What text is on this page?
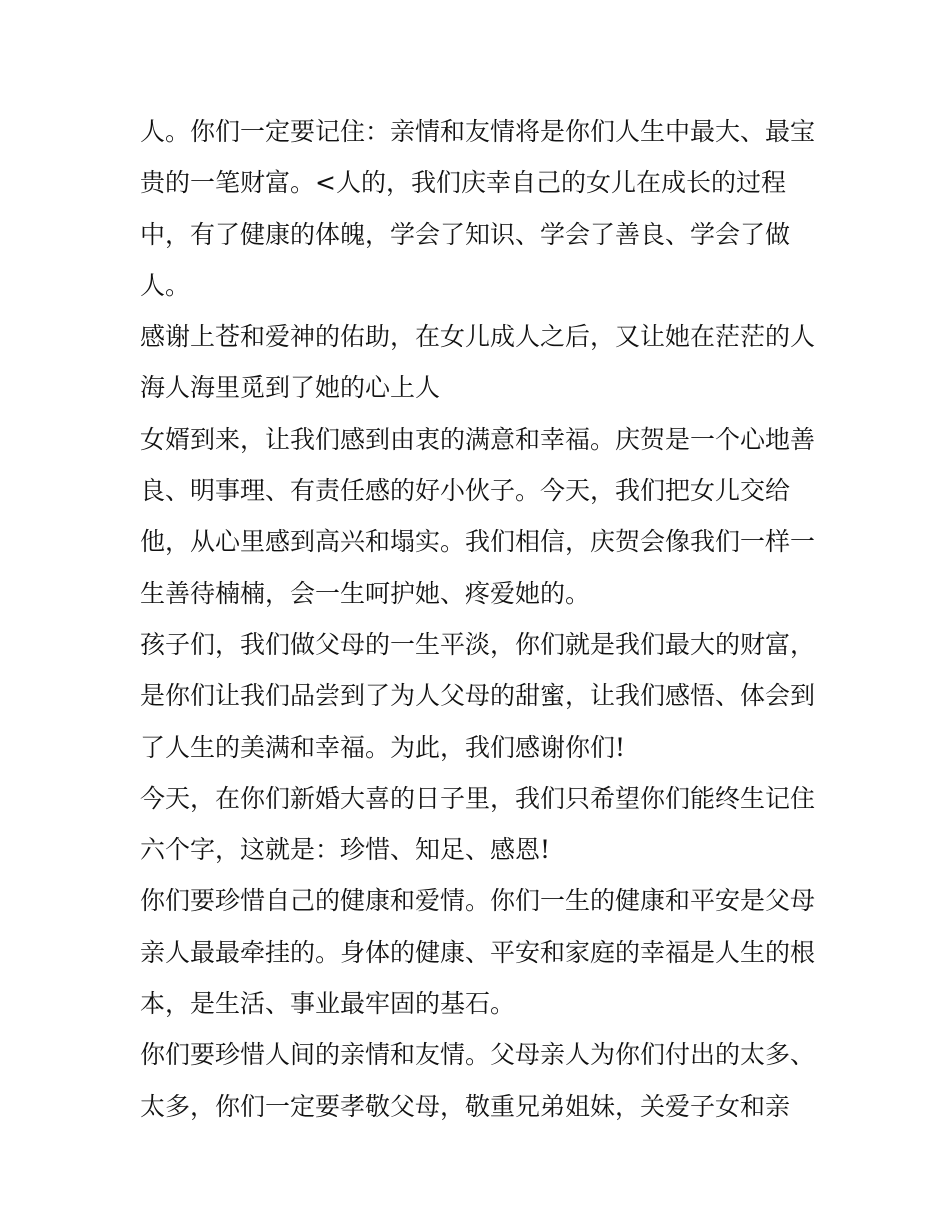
人。你们一定要记住：亲情和友情将是你们人生中最大、最宝
贵的一笔财富。<人的，我们庆幸自己的女儿在成长的过程
中，有了健康的体魄，学会了知识、学会了善良、学会了做
人。
感谢上苍和爱神的佑助，在女儿成人之后，又让她在茫茫的人
海人海里觅到了她的心上人
女婿到来，让我们感到由衷的满意和幸福。庆贺是一个心地善
良、明事理、有责任感的好小伙子。今天，我们把女儿交给
他，从心里感到高兴和塌实。我们相信，庆贺会像我们一样一
生善待楠楠，会一生呵护她、疼爱她的。
孩子们，我们做父母的一生平淡，你们就是我们最大的财富，
是你们让我们品尝到了为人父母的甜蜜，让我们感悟、体会到
了人生的美满和幸福。为此，我们感谢你们!
今天，在你们新婚大喜的日子里，我们只希望你们能终生记住
六个字，这就是：珍惜、知足、感恩!
你们要珍惜自己的健康和爱情。你们一生的健康和平安是父母
亲人最最牵挂的。身体的健康、平安和家庭的幸福是人生的根
本，是生活、事业最牢固的基石。
你们要珍惜人间的亲情和友情。父母亲人为你们付出的太多、
太多，你们一定要孝敬父母，敬重兄弟姐妹，关爱子女和亲
